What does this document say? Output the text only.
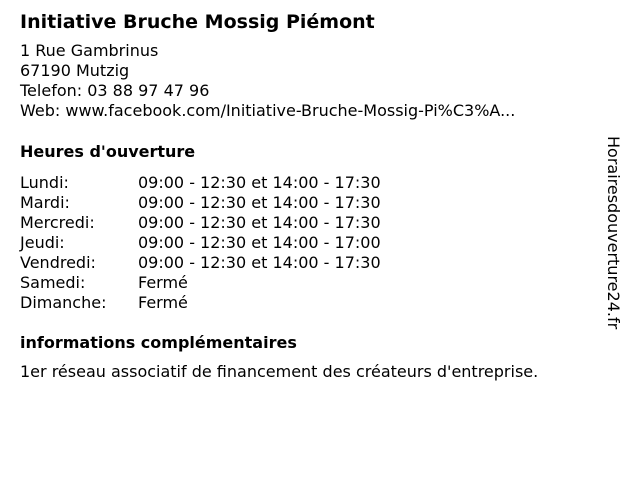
Initiative Bruche Mossig Piémont
1 Rue Gambrinus
67190 Mutzig
Telefon: 03 88 97 47 96
Web: www.facebook.com/Initiative-Bruche-Mossig-Pi%C3%A...
Heures d'ouverture
Lundi:	09:00 - 12:30 et 14:00 - 17:30
Mardi:	09:00 - 12:30 et 14:00 - 17:30
Mercredi:	09:00 - 12:30 et 14:00 - 17:30
Jeudi:	09:00 - 12:30 et 14:00 - 17:00
Vendredi:	09:00 - 12:30 et 14:00 - 17:30
Samedi:	Fermé
Dimanche:	Fermé
informations complémentaires
1er réseau associatif de financement des créateurs d'entreprise.
Horairesdouverture24.fr
